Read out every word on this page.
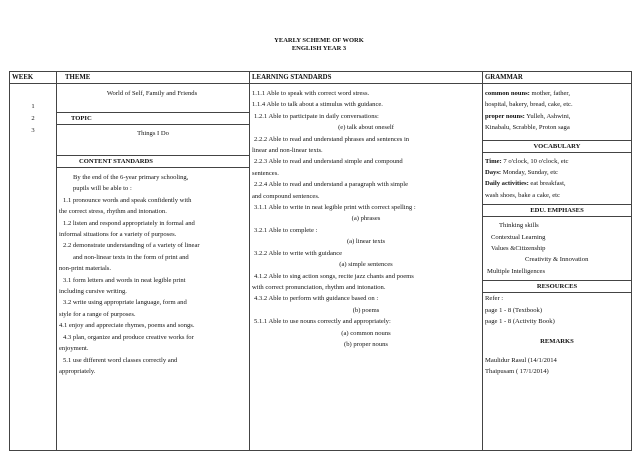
YEARLY SCHEME OF WORK
ENGLISH YEAR 3
WEEK	THEME	LEARNING STANDARDS	GRAMMAR

1
2
3

World of Self, Family and Friends
TOPIC
Things I Do
CONTENT STANDARDS

By the end of the 6-year primary schooling,
pupils will be able to :
1.1 pronounce words and speak confidently with
the correct stress, rhythm and intonation.
1.2 listen and respond appropriately in formal and
informal situations for a variety of purposes.
2.2 demonstrate understanding of a variety of linear
and non-linear texts in the form of print and
non-print materials.
3.1 form letters and words in neat legible print
including cursive writing.
3.2 write using appropriate language, form and
style for a range of purposes.
4.1 enjoy and appreciate rhymes, poems and songs.
4.3 plan, organize and produce creative works for
enjoyment.
5.1 use different word classes correctly and
appropriately.

1.1.1 Able to speak with correct word stress.
1.1.4 Able to talk about a stimulus with guidance.
1.2.1 Able to participate in daily conversations:
(e) talk about oneself
2.2.2 Able to read and understand phrases and sentences in
linear and non-linear texts.
2.2.3 Able to read and understand simple and compound
sentences.
2.2.4 Able to read and understand a paragraph with simple
and compound sentences.
3.1.1 Able to write in neat legible print with correct spelling :
(a) phrases
3.2.1 Able to complete :
(a) linear texts
3.2.2 Able to write with guidance
(a) simple sentences
4.1.2 Able to sing action songs, recite jazz chants and poems
with correct pronunciation, rhythm and intonation.
4.3.2 Able to perform with guidance based on :
(b) poems
5.1.1 Able to use nouns correctly and appropriately:
(a) common nouns
(b) proper nouns

common nouns: mother, father,
hospital, bakery, bread, cake, etc.
proper nouns: Yulleh, Ashwini,
Kinabalu, Scrabble, Proton saga

VOCABULARY

Time: 7 o'clock, 10 o'clock, etc
Days: Monday, Sunday, etc
Daily activities: eat breakfast,
wash shoes, bake a cake, etc

EDU. EMPHASES

Thinking skills
Contextual Learning
Values &Citizenship
Creativity & Innovation
Multiple Intelligences

RESOURCES

Refer :
page 1 - 8 (Textbook)
page 1 - 8 (Activity Book)
REMARKS
Maulidur Rasul (14/1/2014
Thaipusam ( 17/1/2014)
